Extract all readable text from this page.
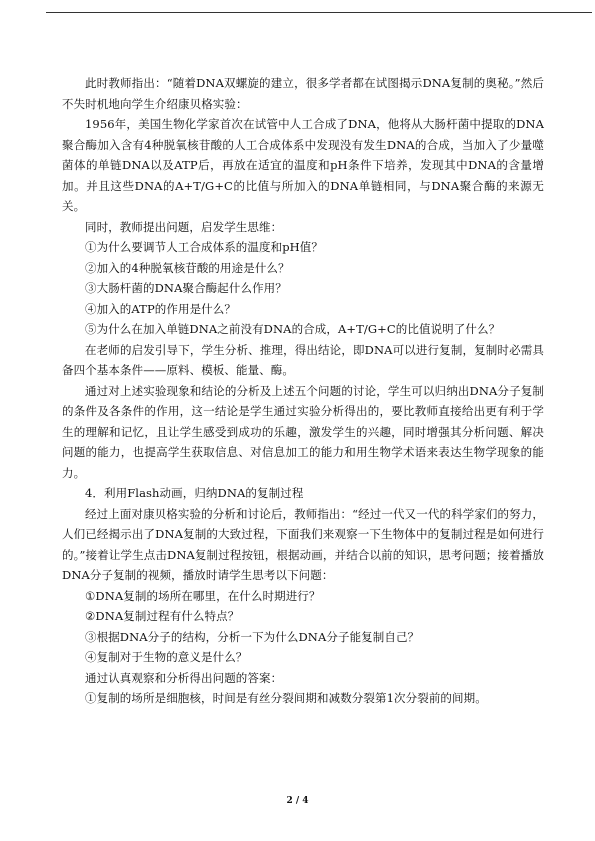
此时教师指出：“随着DNA双螺旋的建立，很多学者都在试图揭示DNA复制的奥秘。”然后不失时机地向学生介绍康贝格实验：

1956年，美国生物化学家首次在试管中人工合成了DNA，他将从大肠杆菌中提取的DNA聚合酶加入含有4种脱氧核苷酸的人工合成体系中发现没有发生DNA的合成，当加入了少量噬菌体的单链DNA以及ATP后，再放在适宜的温度和pH条件下培养，发现其中DNA的含量增加。并且这些DNA的A+T/G+C的比值与所加入的DNA单链相同，与DNA聚合酶的来源无关。

同时，教师提出问题，启发学生思维：

①为什么要调节人工合成体系的温度和pH值？

②加入的4种脱氧核苷酸的用途是什么？

③大肠杆菌的DNA聚合酶起什么作用？

④加入的ATP的作用是什么？

⑤为什么在加入单链DNA之前没有DNA的合成，A+T/G+C的比值说明了什么？

在老师的启发引导下，学生分析、推理，得出结论，即DNA可以进行复制，复制时必需具备四个基本条件——原料、模板、能量、酶。

通过对上述实验现象和结论的分析及上述五个问题的讨论，学生可以归纳出DNA分子复制的条件及各条件的作用，这一结论是学生通过实验分析得出的，要比教师直接给出更有利于学生的理解和记忆，且让学生感受到成功的乐趣，激发学生的兴趣，同时增强其分析问题、解决问题的能力，也提高学生获取信息、对信息加工的能力和用生物学术语来表达生物学现象的能力。

4．利用Flash动画，归纳DNA的复制过程

经过上面对康贝格实验的分析和讨论后，教师指出：“经过一代又一代的科学家们的努力，人们已经揭示出了DNA复制的大致过程，下面我们来观察一下生物体中的复制过程是如何进行的。”接着让学生点击DNA复制过程按钮，根据动画，并结合以前的知识，思考问题；接着播放DNA分子复制的视频，播放时请学生思考以下问题：

①DNA复制的场所在哪里，在什么时期进行？

②DNA复制过程有什么特点？

③根据DNA分子的结构，分析一下为什么DNA分子能复制自己？

④复制对于生物的意义是什么？

通过认真观察和分析得出问题的答案：

①复制的场所是细胞核，时间是有丝分裂间期和减数分裂第1次分裂前的间期。

2 / 4
